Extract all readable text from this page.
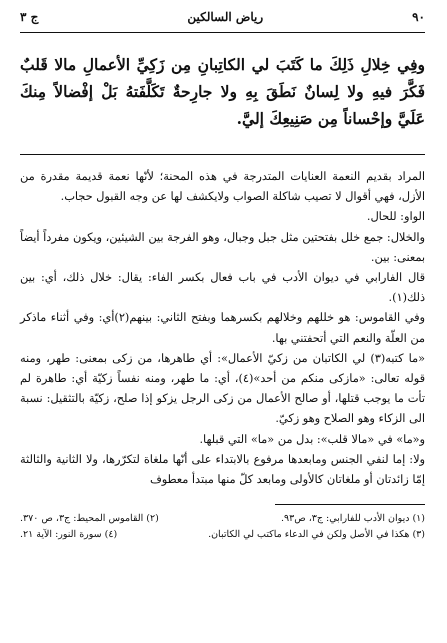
٩٠
رياض السالكين
ج ٣
وفِي خِلالِ ذَلِكَ ما كَتَبَ لي الكاتِبانِ مِن زَكِيِّ الأعمالِ مالا قَلبٌ فَكَّرَ فيهِ ولا لِسانٌ نَطَقَ بِهِ ولا جارِحةٌ تَكَلَّفَتهُ بَلْ إفْضالاً مِنكَ عَلَيَّ وإحْساناً مِن صَنِيعِكَ إليَّ.

المراد بقديم النعمة العنايات المتدرجة في هذه المحنة؛ لأنّها نعمة قديمة مقدرة من الأزل، فهي أقوال لا تصيب شاكلة الصواب ولايكشف لها عن وجه القبول حجاب.

الواو: للحال.

والخلال: جمع خلل بفتحتين مثل جبل وجبال، وهو الفرجة بين الشيئين، ويكون مفرداً أيضاً بمعنى: بين.

قال الفارابي في ديوان الأدب في باب فعال بكسر الفاء: يقال: خلال ذلك، أي: بين ذلك(١).

وفي القاموس: هو خللهم وخلالهم بكسرهما وبفتح الثاني: بينهم(٢)أي: وفي أثناء ماذكر من العلّة والنعم التي أتحفتني بها.

«ما كتبه(٣) لي الكاتبان من زكيّ الأعمال»: أي طاهرها، من زكى بمعنى: طهر، ومنه قوله تعالى: «مازكى منكم من أحد»(٤)، أي: ما طهر، ومنه نفساً زكيّة أي: طاهرة لم تأت ما يوجب قتلها، أو صالح الأعمال من زكى الرجل يزكو إذا صلح، زكيّة بالتثقيل: نسبة الى الزكاء وهو الصلاح وهو زكيّ.

و«ما» في «مالا قلب»: بدل من «ما» التي قبلها.

ولا: إما لنفي الجنس ومابعدها مرفوع بالابتداء على أنّها ملغاة لتكرّرها، ولا الثانية والثالثة إمّا زائدتان أو ملغاتان كالأولى ومابعد كلّ منها مبتدأ معطوف

(١) ديوان الأدب للفارابي: ج٣، ص٩٣.
(٢) القاموس المحيط: ج٣، ص ٣٧٠.
(٣) هكذا في الأصل ولكن في الدعاء ماكتب لي الكاتبان.
(٤) سورة النور: الآية ٢١.
